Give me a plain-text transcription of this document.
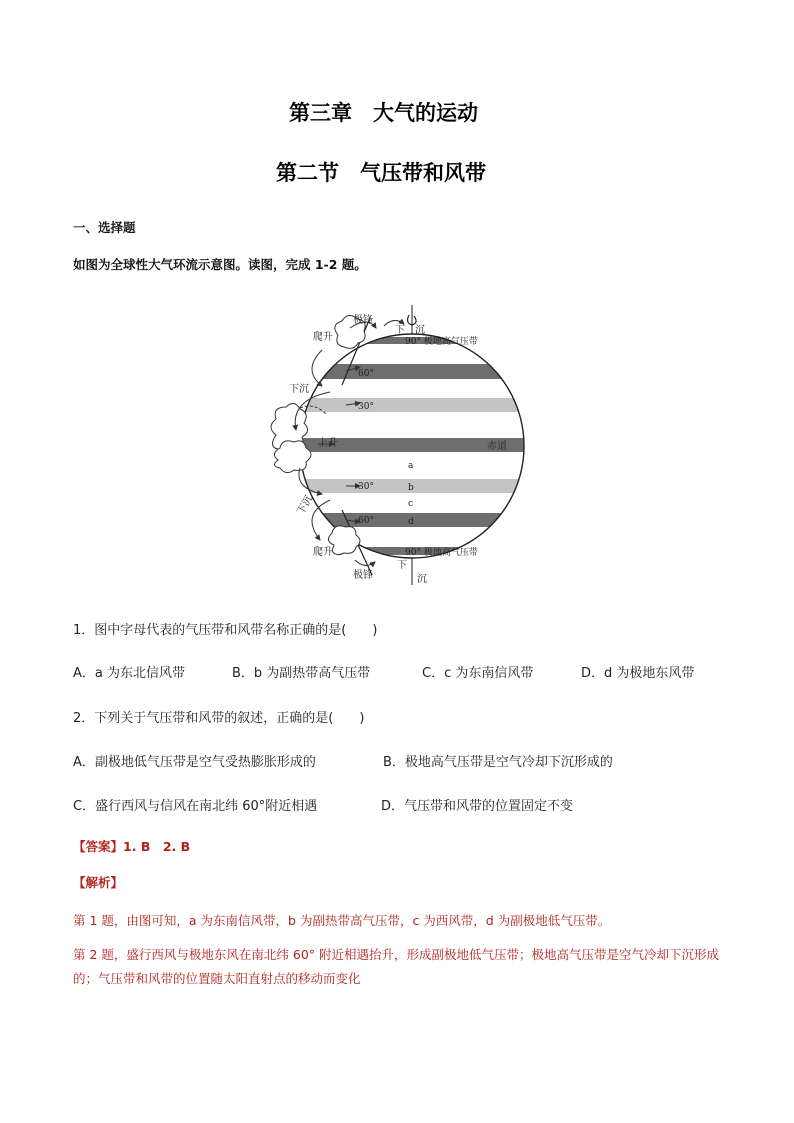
第三章　大气的运动
第二节　气压带和风带
一、选择题
如图为全球性大气环流示意图。读图，完成 1-2 题。
极锋
爬升
下 沉
90° 极地高气压带
60°
下沉
30°
上升	赤道
a
b
c
d
30°
60°
下沉
爬升	90° 极地高气压带
极锋
下
沉
1．图中字母代表的气压带和风带名称正确的是(　　)
A．a 为东北信风带	B．b 为副热带高气压带	C．c 为东南信风带	D．d 为极地东风带
2．下列关于气压带和风带的叙述，正确的是(　　)
A．副极地低气压带是空气受热膨胀形成的	B．极地高气压带是空气冷却下沉形成的
C．盛行西风与信风在南北纬 60°附近相遇	D．气压带和风带的位置固定不变
【答案】1. B　2. B
【解析】
第 1 题，由图可知，a 为东南信风带，b 为副热带高气压带，c 为西风带，d 为副极地低气压带。
第 2 题，盛行西风与极地东风在南北纬 60° 附近相遇抬升，形成副极地低气压带；极地高气压带是空气冷却下沉形成的；气压带和风带的位置随太阳直射点的移动而变化
